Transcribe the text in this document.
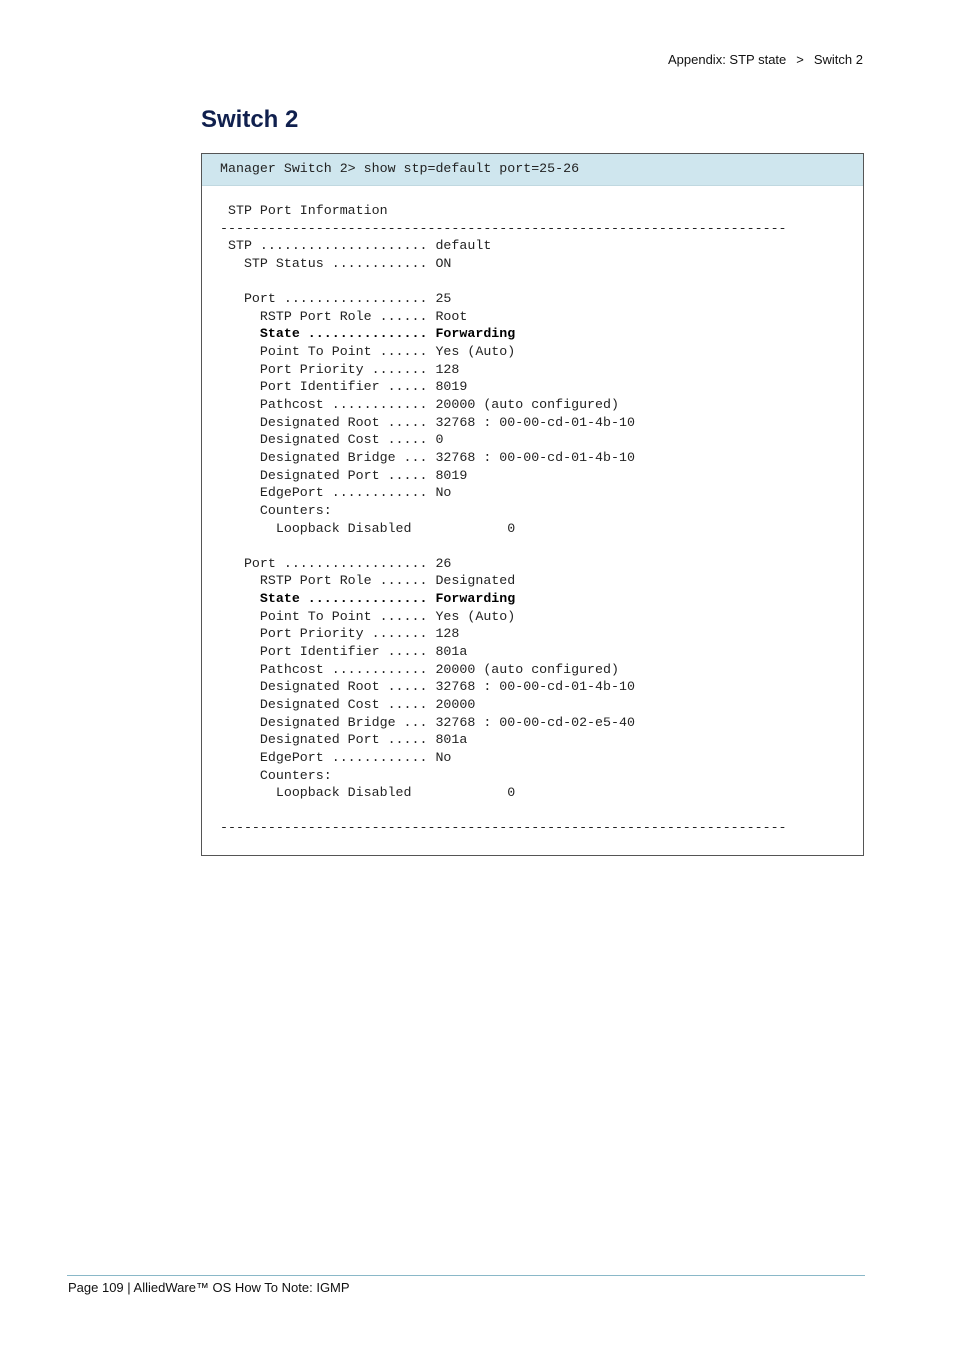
Appendix: STP state > Switch 2
Switch 2
Manager Switch 2> show stp=default port=25-26
STP Port Information
-----------------------------------------------------------------------
STP ..................... default
STP Status ............ ON
Port .................. 25
RSTP Port Role ...... Root
State ............... Forwarding
Point To Point ...... Yes (Auto)
Port Priority ....... 128
Port Identifier ..... 8019
Pathcost ............ 20000 (auto configured)
Designated Root ..... 32768 : 00-00-cd-01-4b-10
Designated Cost ..... 0
Designated Bridge ... 32768 : 00-00-cd-01-4b-10
Designated Port ..... 8019
EdgePort ............ No
Counters:
Loopback Disabled            0
Port .................. 26
RSTP Port Role ...... Designated
State ............... Forwarding
Point To Point ...... Yes (Auto)
Port Priority ....... 128
Port Identifier ..... 801a
Pathcost ............ 20000 (auto configured)
Designated Root ..... 32768 : 00-00-cd-01-4b-10
Designated Cost ..... 20000
Designated Bridge ... 32768 : 00-00-cd-02-e5-40
Designated Port ..... 801a
EdgePort ............ No
Counters:
Loopback Disabled            0
-----------------------------------------------------------------------
Page 109 | AlliedWare™ OS How To Note: IGMP
